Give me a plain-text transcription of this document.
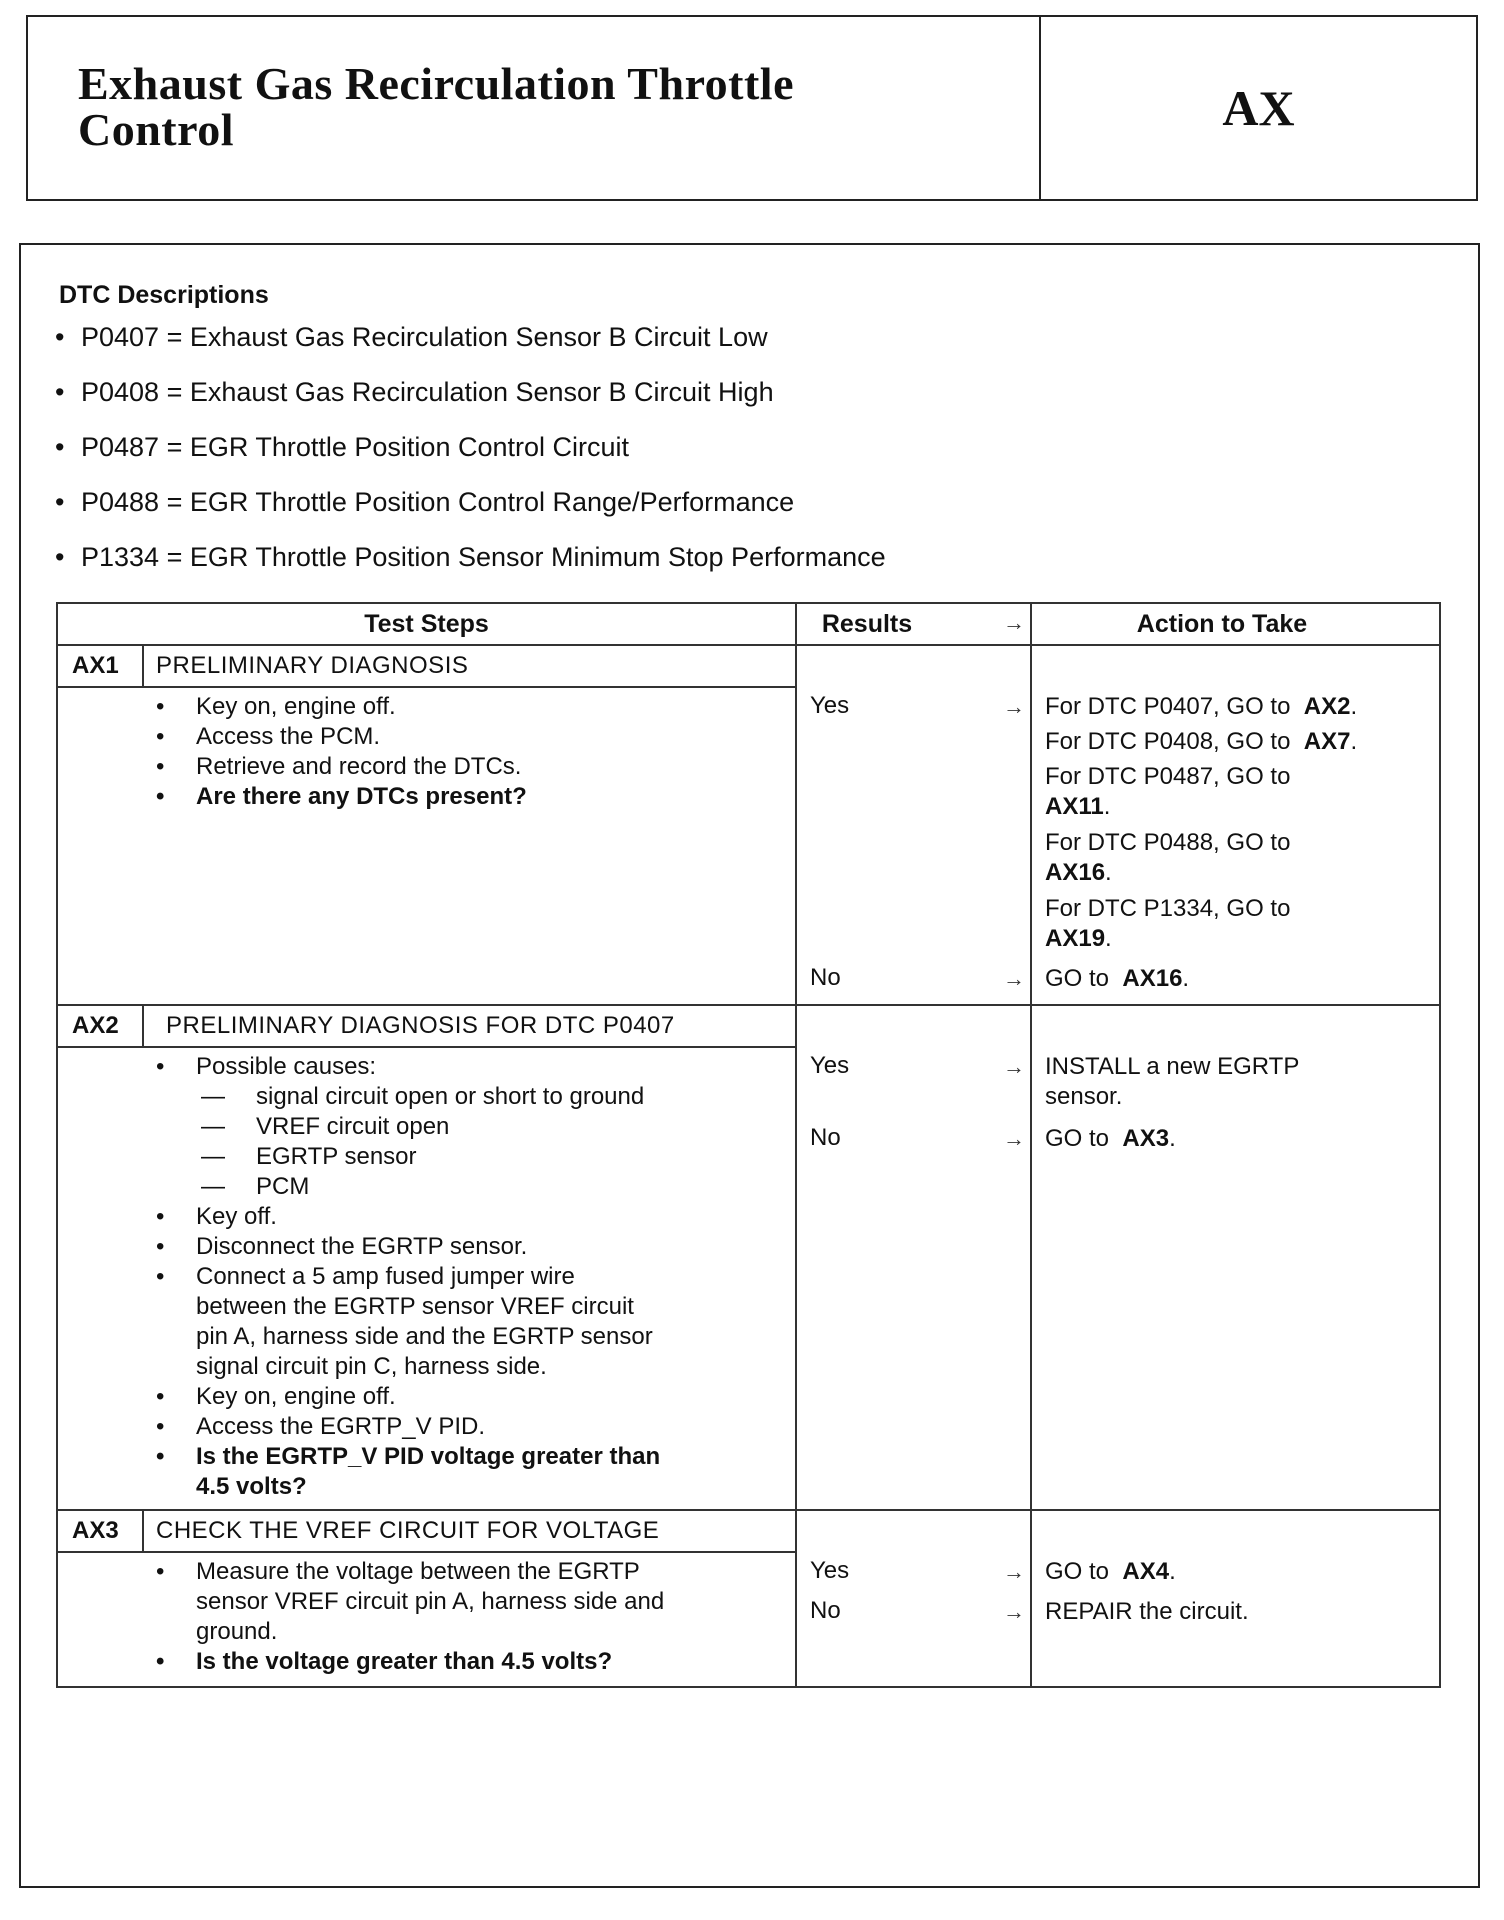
Exhaust Gas Recirculation Throttle
Control	AX
DTC Descriptions
• P0407 = Exhaust Gas Recirculation Sensor B Circuit Low
• P0408 = Exhaust Gas Recirculation Sensor B Circuit High
• P0487 = EGR Throttle Position Control Circuit
• P0488 = EGR Throttle Position Control Range/Performance
• P1334 = EGR Throttle Position Sensor Minimum Stop Performance
Test Steps	Results	→	Action to Take
AX1 PRELIMINARY DIAGNOSIS
• Key on, engine off.
• Access the PCM.
• Retrieve and record the DTCs.
• Are there any DTCs present?
Yes	→ For DTC P0407, GO to AX2.
For DTC P0408, GO to AX7.
For DTC P0487, GO to
AX11.
For DTC P0488, GO to
AX16.
For DTC P1334, GO to
AX19.
No	→ GO to AX16.
AX2 PRELIMINARY DIAGNOSIS FOR DTC P0407
• Possible causes:
— signal circuit open or short to ground
— VREF circuit open
— EGRTP sensor
— PCM
• Key off.
• Disconnect the EGRTP sensor.
• Connect a 5 amp fused jumper wire
between the EGRTP sensor VREF circuit
pin A, harness side and the EGRTP sensor
signal circuit pin C, harness side.
• Key on, engine off.
• Access the EGRTP_V PID.
• Is the EGRTP_V PID voltage greater than
4.5 volts?
Yes	→ INSTALL a new EGRTP
sensor.
No	→ GO to AX3.
AX3 CHECK THE VREF CIRCUIT FOR VOLTAGE
• Measure the voltage between the EGRTP
sensor VREF circuit pin A, harness side and
ground.
• Is the voltage greater than 4.5 volts?
Yes	→ GO to AX4.
No	→ REPAIR the circuit.
